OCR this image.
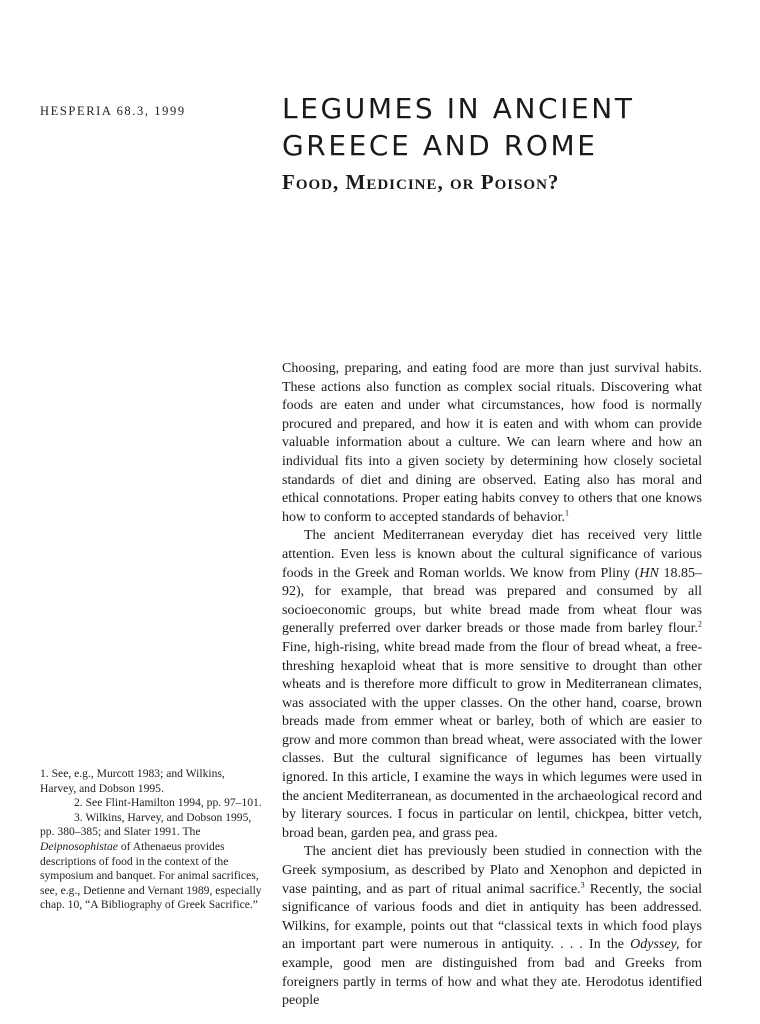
HESPERIA 68.3, 1999	LEGUMES IN ANCIENT GREECE AND ROME
Food, Medicine, or Poison?

Choosing, preparing, and eating food are more than just survival habits. These actions also function as complex social rituals. Discovering what foods are eaten and under what circumstances, how food is normally procured and prepared, and how it is eaten and with whom can provide valuable information about a culture. We can learn where and how an individual fits into a given society by determining how closely societal standards of diet and dining are observed. Eating also has moral and ethical connotations. Proper eating habits convey to others that one knows how to conform to accepted standards of behavior.$^1$

The ancient Mediterranean everyday diet has received very little attention. Even less is known about the cultural significance of various foods in the Greek and Roman worlds. We know from Pliny (HN 18.85–92), for example, that bread was prepared and consumed by all socioeconomic groups, but white bread made from wheat flour was generally preferred over darker breads or those made from barley flour.$^2$ Fine, high-rising, white bread made from the flour of bread wheat, a free-threshing hexaploid wheat that is more sensitive to drought than other wheats and is therefore more difficult to grow in Mediterranean climates, was associated with the upper classes. On the other hand, coarse, brown breads made from emmer wheat or barley, both of which are easier to grow and more common than bread wheat, were associated with the lower classes. But the cultural significance of legumes has been virtually ignored. In this article, I examine the ways in which legumes were used in the ancient Mediterranean, as documented in the archaeological record and by literary sources. I focus in particular on lentil, chickpea, bitter vetch, broad bean, garden pea, and grass pea.

The ancient diet has previously been studied in connection with the Greek symposium, as described by Plato and Xenophon and depicted in vase painting, and as part of ritual animal sacrifice.$^3$ Recently, the social significance of various foods and diet in antiquity has been addressed. Wilkins, for example, points out that “classical texts in which food plays an important part were numerous in antiquity. . . . In the Odyssey, for example, good men are distinguished from bad and Greeks from foreigners partly in terms of how and what they ate. Herodotus identified people

1. See, e.g., Murcott 1983; and Wilkins, Harvey, and Dobson 1995.

2. See Flint-Hamilton 1994, pp. 97–101.

3. Wilkins, Harvey, and Dobson 1995, pp. 380–385; and Slater 1991. The Deipnosophistae of Athenaeus provides descriptions of food in the context of the symposium and banquet. For animal sacrifices, see, e.g., Detienne and Vernant 1989, especially chap. 10, “A Bibliography of Greek Sacrifice.”
